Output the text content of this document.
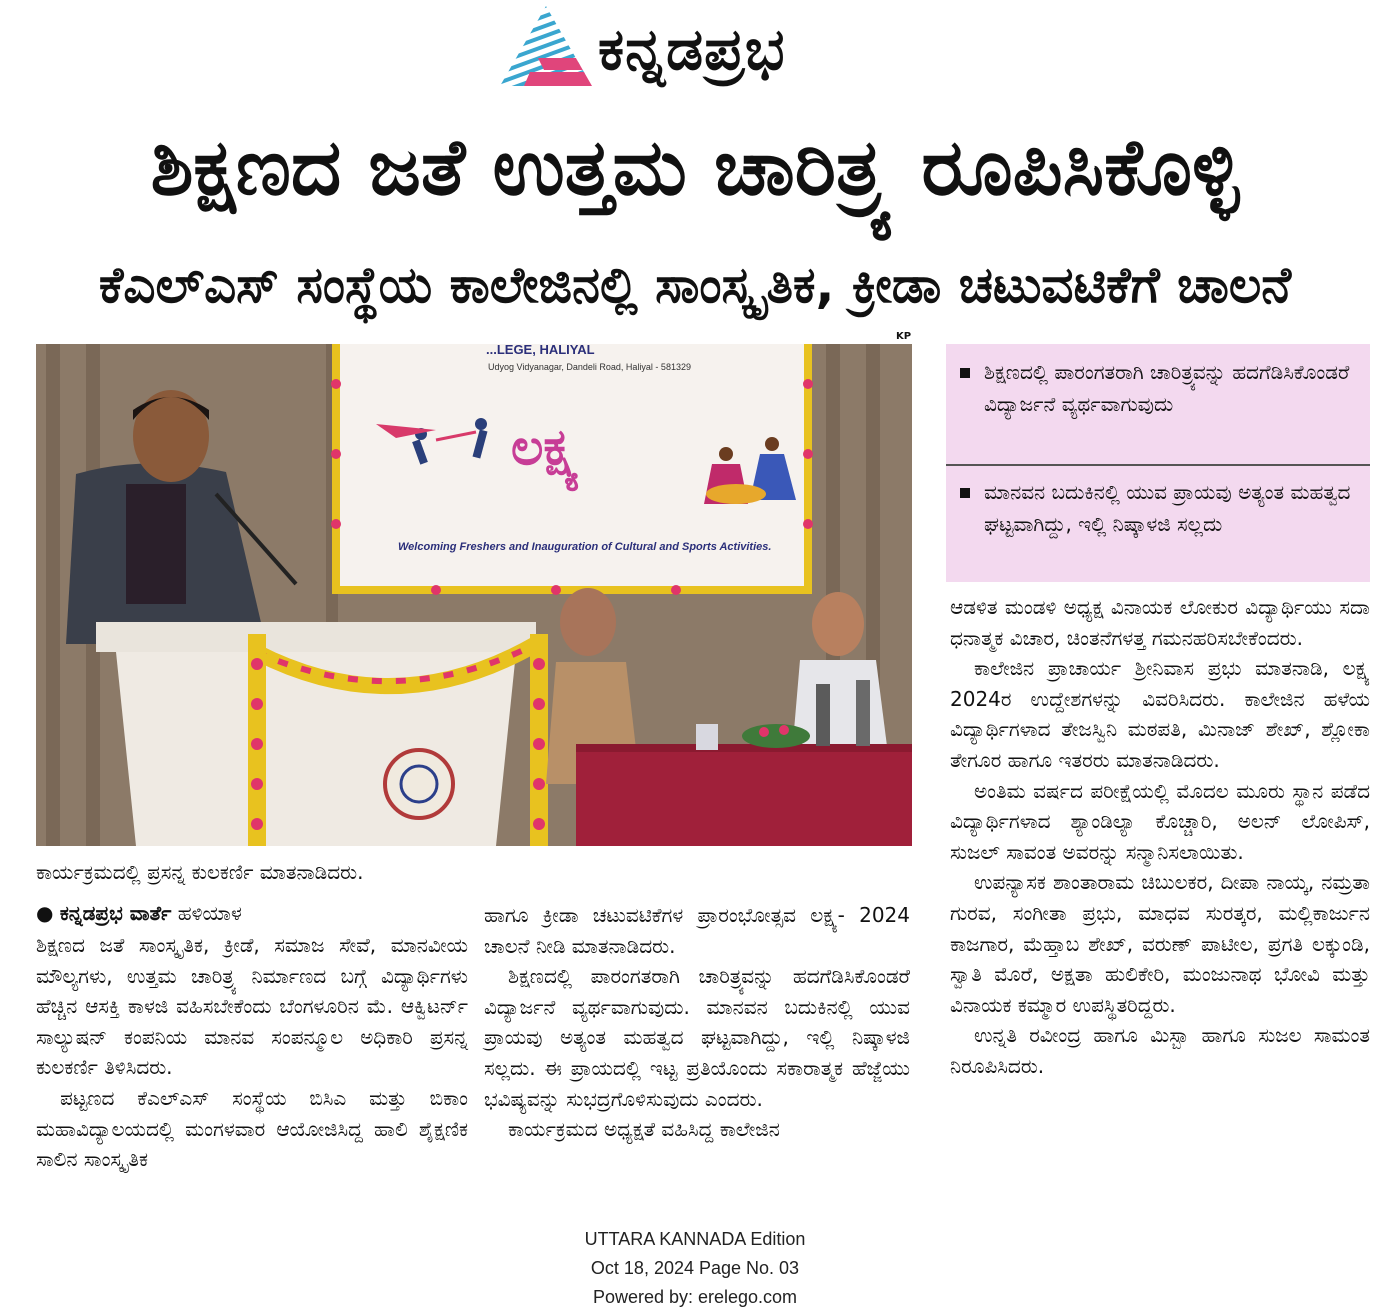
ಕನ್ನಡಪ್ರಭ
ಶಿಕ್ಷಣದ ಜತೆ ಉತ್ತಮ ಚಾರಿತ್ರ್ಯ ರೂಪಿಸಿಕೊಳ್ಳಿ
ಕೆಎಲ್ಎಸ್ ಸಂಸ್ಥೆಯ ಕಾಲೇಜಿನಲ್ಲಿ ಸಾಂಸ್ಕೃತಿಕ, ಕ್ರೀಡಾ ಚಟುವಟಿಕೆಗೆ ಚಾಲನೆ
KP
...LEGE, HALIYAL
Udyog Vidyanagar, Dandeli Road, Haliyal - 581329
ಲಕ್ಷ್ಯ
Welcoming Freshers and Inauguration of Cultural and Sports Activities.
ಕಾರ್ಯಕ್ರಮದಲ್ಲಿ ಪ್ರಸನ್ನ ಕುಲಕರ್ಣಿ ಮಾತನಾಡಿದರು.
ಶಿಕ್ಷಣದಲ್ಲಿ ಪಾರಂಗತರಾಗಿ ಚಾರಿತ್ರ್ಯವನ್ನು ಹದಗೆಡಿಸಿಕೊಂಡರೆ ವಿದ್ಯಾರ್ಜನೆ ವ್ಯರ್ಥವಾಗುವುದು
ಮಾನವನ ಬದುಕಿನಲ್ಲಿ ಯುವ ಪ್ರಾಯವು ಅತ್ಯಂತ ಮಹತ್ವದ ಘಟ್ಟವಾಗಿದ್ದು, ಇಲ್ಲಿ ನಿಷ್ಕಾಳಜಿ ಸಲ್ಲದು
● ಕನ್ನಡಪ್ರಭ ವಾರ್ತೆ ಹಳಿಯಾಳ

ಶಿಕ್ಷಣದ ಜತೆ ಸಾಂಸ್ಕೃತಿಕ, ಕ್ರೀಡೆ, ಸಮಾಜ ಸೇವೆ, ಮಾನವೀಯ ಮೌಲ್ಯಗಳು, ಉತ್ತಮ ಚಾರಿತ್ರ್ಯ ನಿರ್ಮಾಣದ ಬಗ್ಗೆ ವಿದ್ಯಾರ್ಥಿಗಳು ಹೆಚ್ಚಿನ ಆಸಕ್ತಿ ಕಾಳಜಿ ವಹಿಸಬೇಕೆಂದು ಬೆಂಗಳೂರಿನ ಮೆ. ಆಕ್ವಿಟರ್ನ್ ಸಾಲ್ಯುಷನ್ ಕಂಪನಿಯ ಮಾನವ ಸಂಪನ್ಮೂಲ ಅಧಿಕಾರಿ ಪ್ರಸನ್ನ ಕುಲಕರ್ಣಿ ತಿಳಿಸಿದರು.

ಪಟ್ಟಣದ ಕೆಎಲ್ಎಸ್ ಸಂಸ್ಥೆಯ ಬಿಸಿಎ ಮತ್ತು ಬಿಕಾಂ ಮಹಾವಿದ್ಯಾಲಯದಲ್ಲಿ ಮಂಗಳವಾರ ಆಯೋಜಿಸಿದ್ದ ಹಾಲಿ ಶೈಕ್ಷಣಿಕ ಸಾಲಿನ ಸಾಂಸ್ಕೃತಿಕ

ಹಾಗೂ ಕ್ರೀಡಾ ಚಟುವಟಿಕೆಗಳ ಪ್ರಾರಂಭೋತ್ಸವ ಲಕ್ಷ್ಯ- 2024 ಚಾಲನೆ ನೀಡಿ ಮಾತನಾಡಿದರು.

ಶಿಕ್ಷಣದಲ್ಲಿ ಪಾರಂಗತರಾಗಿ ಚಾರಿತ್ರ್ಯವನ್ನು ಹದಗೆಡಿಸಿಕೊಂಡರೆ ವಿದ್ಯಾರ್ಜನೆ ವ್ಯರ್ಥವಾಗುವುದು. ಮಾನವನ ಬದುಕಿನಲ್ಲಿ ಯುವ ಪ್ರಾಯವು ಅತ್ಯಂತ ಮಹತ್ವದ ಘಟ್ಟವಾಗಿದ್ದು, ಇಲ್ಲಿ ನಿಷ್ಕಾಳಜಿ ಸಲ್ಲದು. ಈ ಪ್ರಾಯದಲ್ಲಿ ಇಟ್ಟ ಪ್ರತಿಯೊಂದು ಸಕಾರಾತ್ಮಕ ಹೆಜ್ಜೆಯು ಭವಿಷ್ಯವನ್ನು ಸುಭದ್ರಗೊಳಿಸುವುದು ಎಂದರು.

ಕಾರ್ಯಕ್ರಮದ ಅಧ್ಯಕ್ಷತೆ ವಹಿಸಿದ್ದ ಕಾಲೇಜಿನ

ಆಡಳಿತ ಮಂಡಳಿ ಅಧ್ಯಕ್ಷ ವಿನಾಯಕ ಲೋಕುರ ವಿದ್ಯಾರ್ಥಿಯು ಸದಾ ಧನಾತ್ಮಕ ವಿಚಾರ, ಚಿಂತನೆಗಳತ್ತ ಗಮನಹರಿಸಬೇಕೆಂದರು.

ಕಾಲೇಜಿನ ಪ್ರಾಚಾರ್ಯ ಶ್ರೀನಿವಾಸ ಪ್ರಭು ಮಾತನಾಡಿ, ಲಕ್ಷ್ಯ 2024ರ ಉದ್ದೇಶಗಳನ್ನು ವಿವರಿಸಿದರು. ಕಾಲೇಜಿನ ಹಳೆಯ ವಿದ್ಯಾರ್ಥಿಗಳಾದ ತೇಜಸ್ವಿನಿ ಮಠಪತಿ, ಮಿನಾಜ್ ಶೇಖ್, ಶ್ಲೋಕಾ ತೇಗೂರ ಹಾಗೂ ಇತರರು ಮಾತನಾಡಿದರು.

ಅಂತಿಮ ವರ್ಷದ ಪರೀಕ್ಷೆಯಲ್ಲಿ ಮೊದಲ ಮೂರು ಸ್ಥಾನ ಪಡೆದ ವಿದ್ಯಾರ್ಥಿಗಳಾದ ಶ್ಯಾಂಡಿಲ್ಯಾ ಕೊಚ್ಚಾರಿ, ಅಲನ್ ಲೋಪಿಸ್, ಸುಜಲ್ ಸಾವಂತ ಅವರನ್ನು ಸನ್ಮಾನಿಸಲಾಯಿತು.

ಉಪನ್ಯಾಸಕ ಶಾಂತಾರಾಮ ಚಿಬುಲಕರ, ದೀಪಾ ನಾಯ್ಕ, ನಮ್ರತಾ ಗುರವ, ಸಂಗೀತಾ ಪ್ರಭು, ಮಾಧವ ಸುರತ್ಕರ, ಮಲ್ಲಿಕಾರ್ಜುನ ಕಾಜಗಾರ, ಮೆಹ್ತಾಬ ಶೇಖ್, ವರುಣ್ ಪಾಟೀಲ, ಪ್ರಗತಿ ಲಕ್ಕುಂಡಿ, ಸ್ವಾತಿ ಮೊರೆ, ಅಕ್ಷತಾ ಹುಲಿಕೇರಿ, ಮಂಜುನಾಥ ಭೋವಿ ಮತ್ತು ವಿನಾಯಕ ಕಮ್ಮಾರ ಉಪಸ್ಥಿತರಿದ್ದರು.

ಉನ್ನತಿ ರವೀಂದ್ರ ಹಾಗೂ ಮಿಸ್ಬಾ ಹಾಗೂ ಸುಜಲ ಸಾಮಂತ ನಿರೂಪಿಸಿದರು.

UTTARA KANNADA Edition
Oct 18, 2024 Page No. 03
Powered by: erelego.com
